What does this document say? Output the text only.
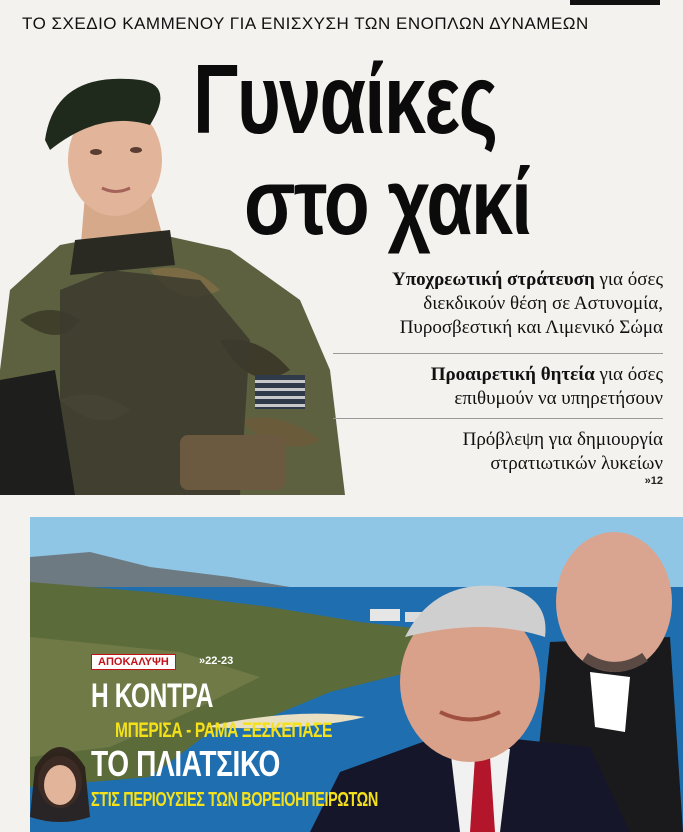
ΤΟ ΣΧΕΔΙΟ ΚΑΜΜΕΝΟΥ ΓΙΑ ΕΝΙΣΧΥΣΗ ΤΩΝ ΕΝΟΠΛΩΝ ΔΥΝΑΜΕΩΝ
Γυναίκες
στο χακί
Υποχρεωτική στράτευση για όσες
διεκδικούν θέση σε Αστυνομία,
Πυροσβεστική και Λιμενικό Σώμα
Προαιρετική θητεία για όσες
επιθυμούν να υπηρετήσουν
Πρόβλεψη για δημιουργία
στρατιωτικών λυκείων
»12
ΑΠΟΚΑΛΥΨΗ	»22-23
Η ΚΟΝΤΡΑ
ΜΠΕΡΙΣΑ - ΡΑΜΑ ΞΕΣΚΕΠΑΣΕ
ΤΟ ΠΛΙΑΤΣΙΚΟ
ΣΤΙΣ ΠΕΡΙΟΥΣΙΕΣ ΤΩΝ ΒΟΡΕΙΟΗΠΕΙΡΩΤΩΝ
